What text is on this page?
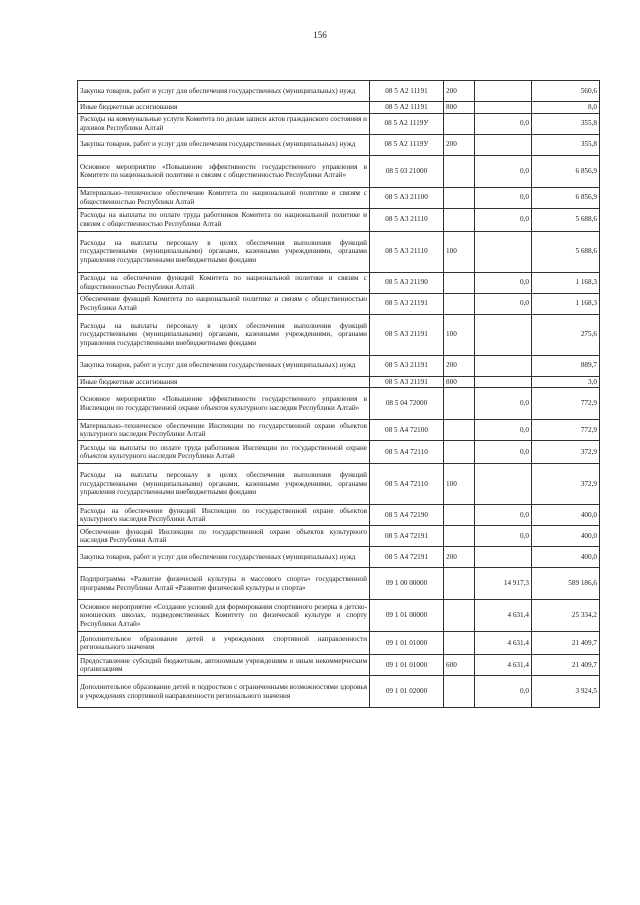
156
Закупка товаров, работ и услуг для обеспечения государственных (муниципальных) нужд	08 5 А2 11191	200		560,6
Иные бюджетные ассигнования	08 5 А2 11191	800		8,0
Расходы на коммунальные услуги Комитета по делам записи актов гражданского состояния и архивов Республики Алтай	08 5 А2 1119У		0,0	355,8
Закупка товаров, работ и услуг для обеспечения государственных (муниципальных) нужд	08 5 А2 1119У	200		355,8
Основное мероприятие «Повышение эффективности государственного управления в Комитете по национальной политике и связям с общественностью Республики Алтай»	08 5 03 21000		0,0	6 856,9
Материально–техническое обеспечение Комитета по национальной политике и связям с общественностью Республики Алтай	08 5 А3 21100		0,0	6 856,9
Расходы на выплаты по оплате труда работников Комитета по национальной политике и связям с общественностью Республики Алтай	08 5 А3 21110		0,0	5 688,6
Расходы на выплаты персоналу в целях обеспечения выполнения функций государственными (муниципальными) органами, казенными учреждениями, органами управления государственными внебюджетными фондами	08 5 А3 21110	100		5 688,6
Расходы на обеспечение функций Комитета по национальной политике и связям с общественностью Республики Алтай	08 5 А3 21190		0,0	1 168,3
Обеспечение функций Комитета по национальной политике и связям с общественностью Республики Алтай	08 5 А3 21191		0,0	1 168,3
Расходы на выплаты персоналу в целях обеспечения выполнения функций государственными (муниципальными) органами, казенными учреждениями, органами управления государственными внебюджетными фондами	08 5 А3 21191	100		275,6
Закупка товаров, работ и услуг для обеспечения государственных (муниципальных) нужд	08 5 А3 21191	200		889,7
Иные бюджетные ассигнования	08 5 А3 21191	800		3,0
Основное мероприятие «Повышение эффективности государственного управления в Инспекции по государственной охране объектов культурного наследия Республики Алтай»	08 5 04 72000		0,0	772,9
Материально–техническое обеспечение Инспекции по государственной охране объектов культурного наследия Республики Алтай	08 5 А4 72100		0,0	772,9
Расходы на выплаты по оплате труда работников Инспекции по государственной охране объектов культурного наследия Республики Алтай	08 5 А4 72110		0,0	372,9
Расходы на выплаты персоналу в целях обеспечения выполнения функций государственными (муниципальными) органами, казенными учреждениями, органами управления государственными внебюджетными фондами	08 5 А4 72110	100		372,9
Расходы на обеспечение функций Инспекции по государственной охране объектов культурного наследия Республики Алтай	08 5 А4 72190		0,0	400,0
Обеспечение функций Инспекции по государственной охране объектов культурного наследия Республики Алтай	08 5 А4 72191		0,0	400,0
Закупка товаров, работ и услуг для обеспечения государственных (муниципальных) нужд	08 5 А4 72191	200		400,0
Подпрограмма «Развитие физической культуры и массового спорта» государственной программы Республики Алтай «Развитие физической культуры и спорта»	09 1 00 00000		14 917,3	589 186,6
Основное мероприятие «Создание условий для формирования спортивного резерва в детско-юношеских школах, подведомственных Комитету по физической культуре и спорту Республики Алтай»	09 1 01 00000		4 631,4	25 334,2
Дополнительное образование детей в учреждениях спортивной направленности регионального значения	09 1 01 01000		4 631,4	21 409,7
Предоставление субсидий бюджетным, автономным учреждениям и иным некоммерческим организациям	09 1 01 01000	600	4 631,4	21 409,7
Дополнительное образование детей и подростков с ограниченными возможностями здоровья в учреждениях спортивной направленности регионального значения	09 1 01 02000		0,0	3 924,5
